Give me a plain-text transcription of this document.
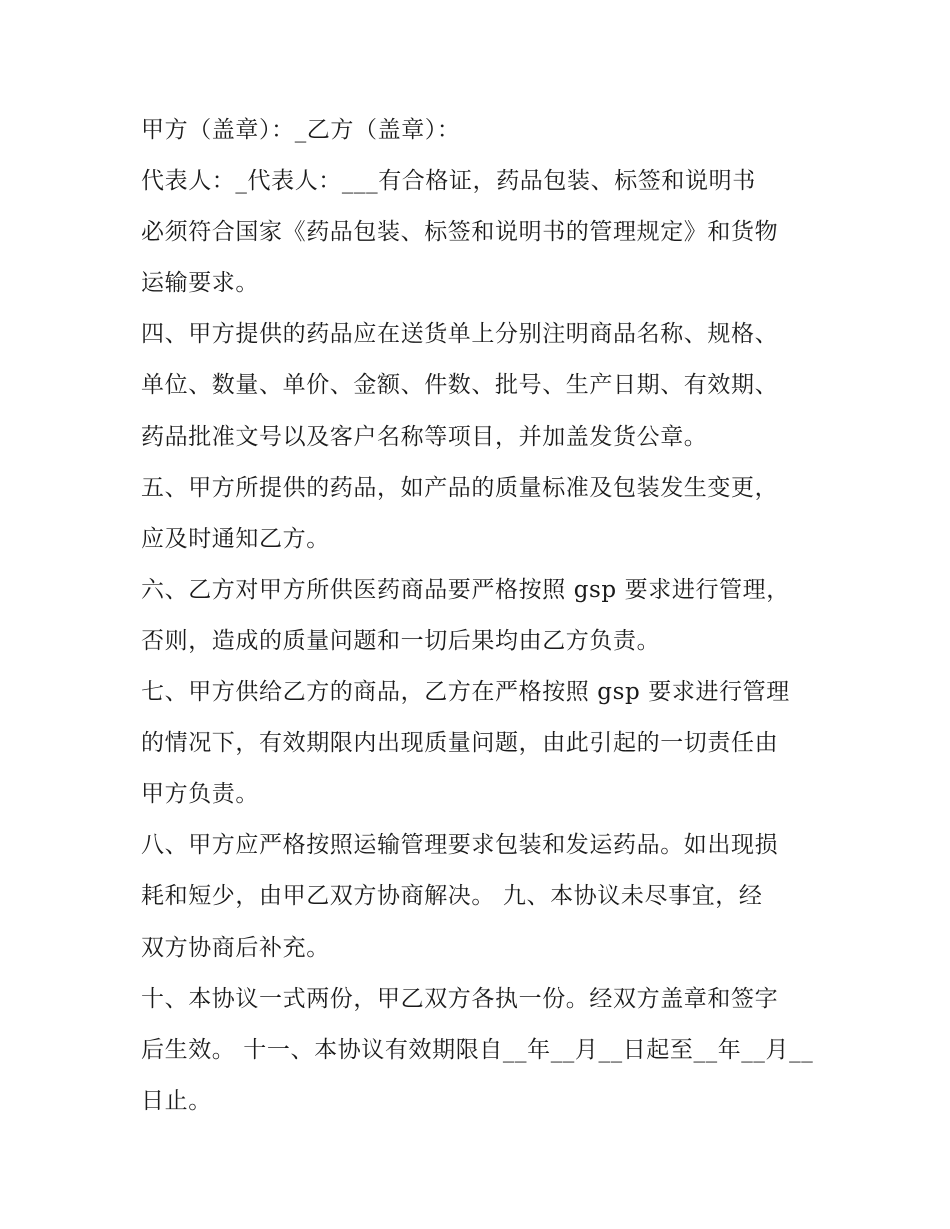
甲方（盖章）：_乙方（盖章）：
代表人：_代表人：___有合格证，药品包装、标签和说明书
必须符合国家《药品包装、标签和说明书的管理规定》和货物
运输要求。
四、甲方提供的药品应在送货单上分别注明商品名称、规格、
单位、数量、单价、金额、件数、批号、生产日期、有效期、
药品批准文号以及客户名称等项目，并加盖发货公章。
五、甲方所提供的药品，如产品的质量标准及包装发生变更，
应及时通知乙方。
六、乙方对甲方所供医药商品要严格按照 gsp 要求进行管理，
否则，造成的质量问题和一切后果均由乙方负责。
七、甲方供给乙方的商品，乙方在严格按照 gsp 要求进行管理
的情况下，有效期限内出现质量问题，由此引起的一切责任由
甲方负责。
八、甲方应严格按照运输管理要求包装和发运药品。如出现损
耗和短少，由甲乙双方协商解决。 九、本协议未尽事宜，经
双方协商后补充。
十、本协议一式两份，甲乙双方各执一份。经双方盖章和签字
后生效。 十一、本协议有效期限自__年__月__日起至__年__月__
日止。
